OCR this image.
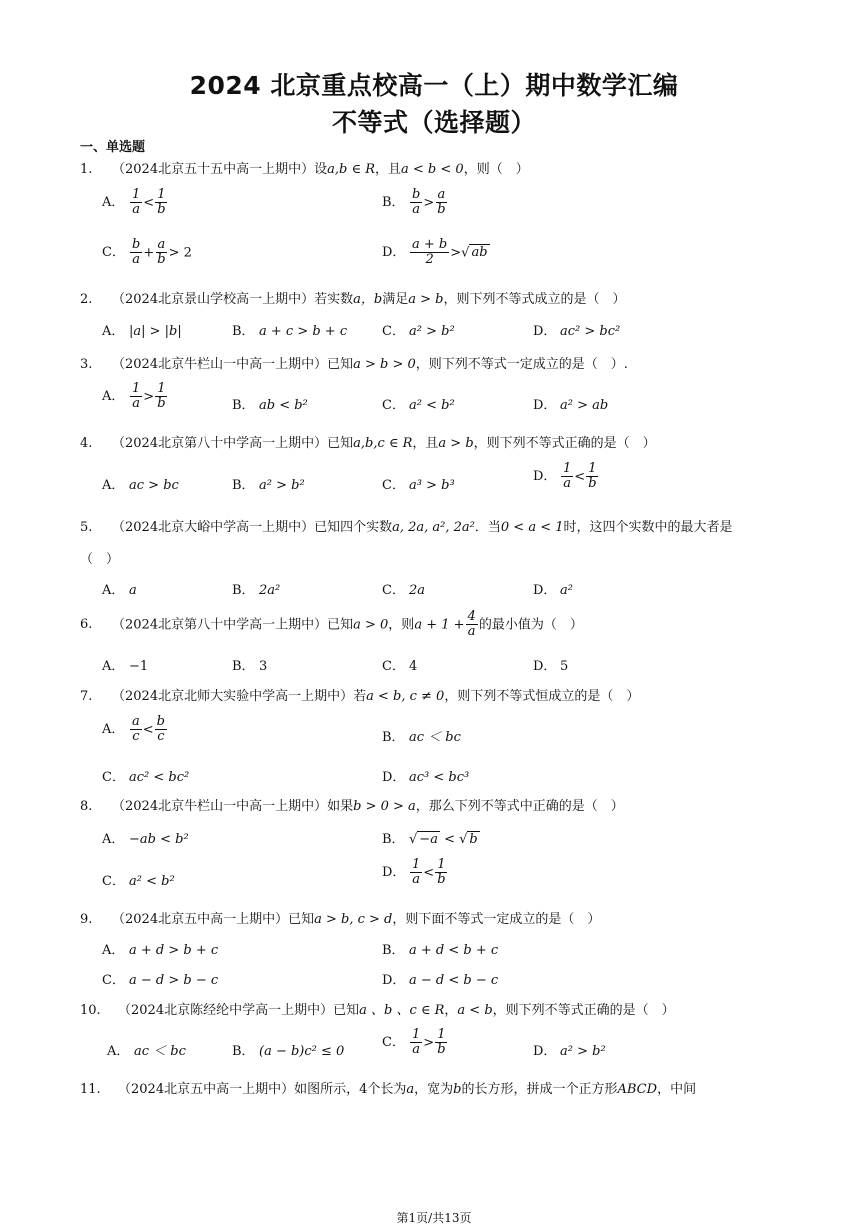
2024 北京重点校高一（上）期中数学汇编
不等式（选择题）
一、单选题
1. （2024北京五十五中高一上期中）设a,b ∈ R，且a < b < 0，则（　）
A． $\frac{1}{a} < \frac{1}{b}$	B． $\frac{b}{a} > \frac{a}{b}$
C． $\frac{b}{a} + \frac{a}{b} > 2$	D． $\frac{a + b}{2}$ >√ ab
2. （2024北京景山学校高一上期中）若实数a，b满足a > b，则下列不等式成立的是（　）
A． |a| > |b|	B． a + c > b + c	C． a² > b²	D． ac² > bc²
3. （2024北京牛栏山一中高一上期中）已知a > b > 0，则下列不等式一定成立的是（　）.
A． $\frac{1}{a} > \frac{1}{b}$	B． ab < b²	C． a² < b²	D． a² > ab
4. （2024北京第八十中学高一上期中）已知a,b,c ∈ R，且a > b，则下列不等式正确的是（　）
A． ac > bc	B． a² > b²	C． a³ > b³
D． $\frac{1}{a} < \frac{1}{b}$
5. （2024北京大峪中学高一上期中）已知四个实数a, 2a, a², 2a²．当0 < a < 1时，这四个实数中的最大者是
（　）
A． a	B． 2a²	C． 2a	D． a²
6. （2024北京第八十中学高一上期中）已知a > 0，则$a + 1 + \frac{4}{a}$ 的最小值为（　）
A． −1	B． 3	C． 4	D． 5
7. （2024北京北师大实验中学高一上期中）若a < b, c ≠ 0，则下列不等式恒成立的是（　）
A． $\frac{a}{c} < \frac{b}{c}$	B． ac ＜ bc
C． ac² < bc²	D． ac³ < bc³
8. （2024北京牛栏山一中高一上期中）如果b > 0 > a，那么下列不等式中正确的是（　）
A． −ab < b²	B． √ −a < √ b
C． a² < b²
D． $\frac{1}{a} < \frac{1}{b}$
9. （2024北京五中高一上期中）已知a > b, c > d，则下面不等式一定成立的是（　）
A． a + d > b + c	B． a + d < b + c
C． a − d > b − c	D． a − d < b − c
10. （2024北京陈经纶中学高一上期中）已知a 、b 、c ∈ R，a < b，则下列不等式正确的是（　）
A． ac ＜ bc	B． (a − b)c² ≤ 0
C． $\frac{1}{a} > \frac{1}{b}$	D． a² > b²
11. （2024北京五中高一上期中）如图所示，4个长为a，宽为b的长方形，拼成一个正方形ABCD，中间
第1页/共13页
